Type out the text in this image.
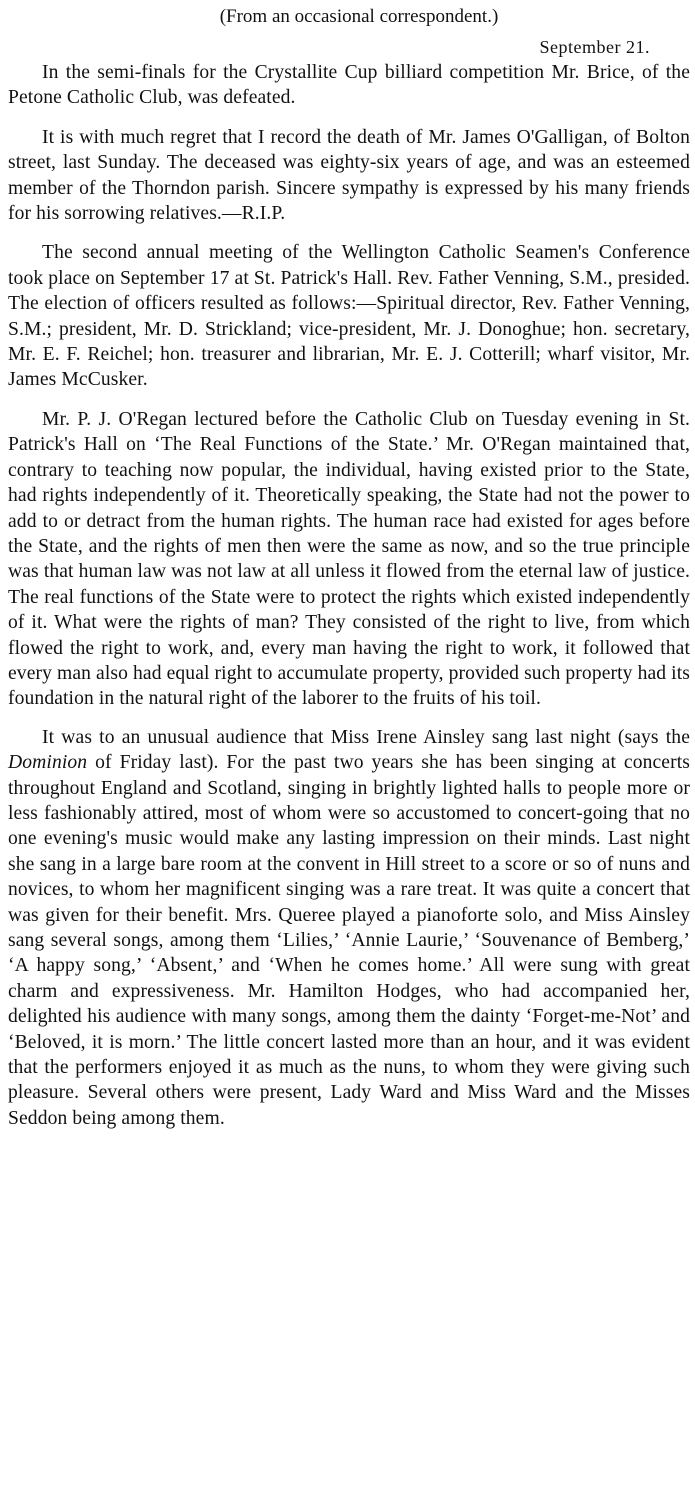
(From an occasional correspondent.)
September 21.

In the semi-finals for the Crystallite Cup billiard competition Mr. Brice, of the Petone Catholic Club, was defeated.

It is with much regret that I record the death of Mr. James O'Galligan, of Bolton street, last Sunday. The deceased was eighty-six years of age, and was an esteemed member of the Thorndon parish. Sincere sympathy is expressed by his many friends for his sorrowing relatives.—R.I.P.

The second annual meeting of the Wellington Catholic Seamen's Conference took place on September 17 at St. Patrick's Hall. Rev. Father Venning, S.M., presided. The election of officers resulted as follows:—Spiritual director, Rev. Father Venning, S.M.; president, Mr. D. Strickland; vice-president, Mr. J. Donoghue; hon. secretary, Mr. E. F. Reichel; hon. treasurer and librarian, Mr. E. J. Cotterill; wharf visitor, Mr. James McCusker.

Mr. P. J. O'Regan lectured before the Catholic Club on Tuesday evening in St. Patrick's Hall on ‘The Real Functions of the State.’ Mr. O'Regan maintained that, contrary to teaching now popular, the individual, having existed prior to the State, had rights independently of it. Theoretically speaking, the State had not the power to add to or detract from the human rights. The human race had existed for ages before the State, and the rights of men then were the same as now, and so the true principle was that human law was not law at all unless it flowed from the eternal law of justice. The real functions of the State were to protect the rights which existed independently of it. What were the rights of man? They consisted of the right to live, from which flowed the right to work, and, every man having the right to work, it followed that every man also had equal right to accumulate property, provided such property had its foundation in the natural right of the laborer to the fruits of his toil.

It was to an unusual audience that Miss Irene Ainsley sang last night (says the Dominion of Friday last). For the past two years she has been singing at concerts throughout England and Scotland, singing in brightly lighted halls to people more or less fashionably attired, most of whom were so accustomed to concert-going that no one evening's music would make any lasting impression on their minds. Last night she sang in a large bare room at the convent in Hill street to a score or so of nuns and novices, to whom her magnificent singing was a rare treat. It was quite a concert that was given for their benefit. Mrs. Queree played a pianoforte solo, and Miss Ainsley sang several songs, among them ‘Lilies,’ ‘Annie Laurie,’ ‘Souvenance of Bemberg,’ ‘A happy song,’ ‘Absent,’ and ‘When he comes home.’ All were sung with great charm and expressiveness. Mr. Hamilton Hodges, who had accompanied her, delighted his audience with many songs, among them the dainty ‘Forget-me-Not’ and ‘Beloved, it is morn.’ The little concert lasted more than an hour, and it was evident that the performers enjoyed it as much as the nuns, to whom they were giving such pleasure. Several others were present, Lady Ward and Miss Ward and the Misses Seddon being among them.
